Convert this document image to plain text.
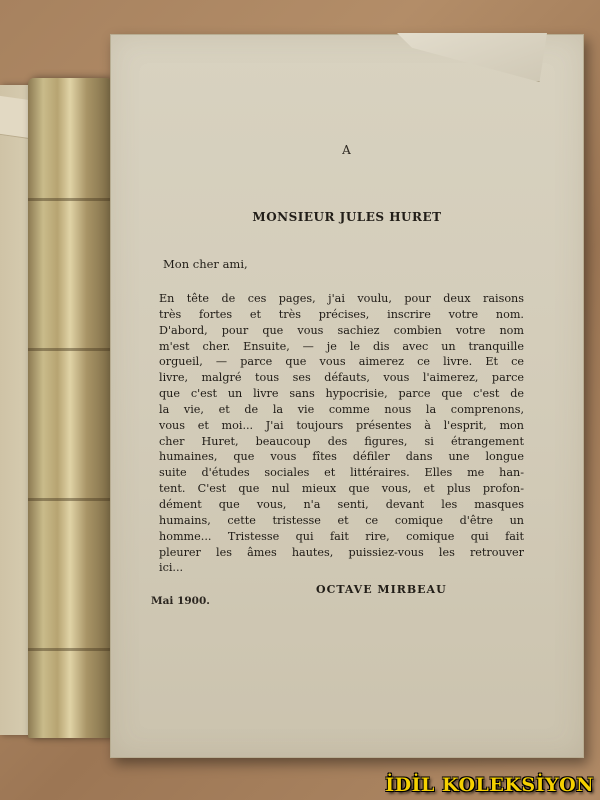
A
MONSIEUR JULES HURET
Mon cher ami,
En tête de ces pages, j'ai voulu, pour deux raisons
très fortes et très précises, inscrire votre nom.
D'abord, pour que vous sachiez combien votre nom
m'est cher. Ensuite, — je le dis avec un tranquille
orgueil, — parce que vous aimerez ce livre. Et ce
livre, malgré tous ses défauts, vous l'aimerez, parce
que c'est un livre sans hypocrisie, parce que c'est de
la vie, et de la vie comme nous la comprenons,
vous et moi... J'ai toujours présentes à l'esprit, mon
cher Huret, beaucoup des figures, si étrangement
humaines, que vous fîtes défiler dans une longue
suite d'études sociales et littéraires. Elles me han-
tent. C'est que nul mieux que vous, et plus profon-
dément que vous, n'a senti, devant les masques
humains, cette tristesse et ce comique d'être un
homme... Tristesse qui fait rire, comique qui fait
pleurer les âmes hautes, puissiez-vous les retrouver
ici...
OCTAVE MIRBEAU
Mai 1900.
İDİL KOLEKSİYON
